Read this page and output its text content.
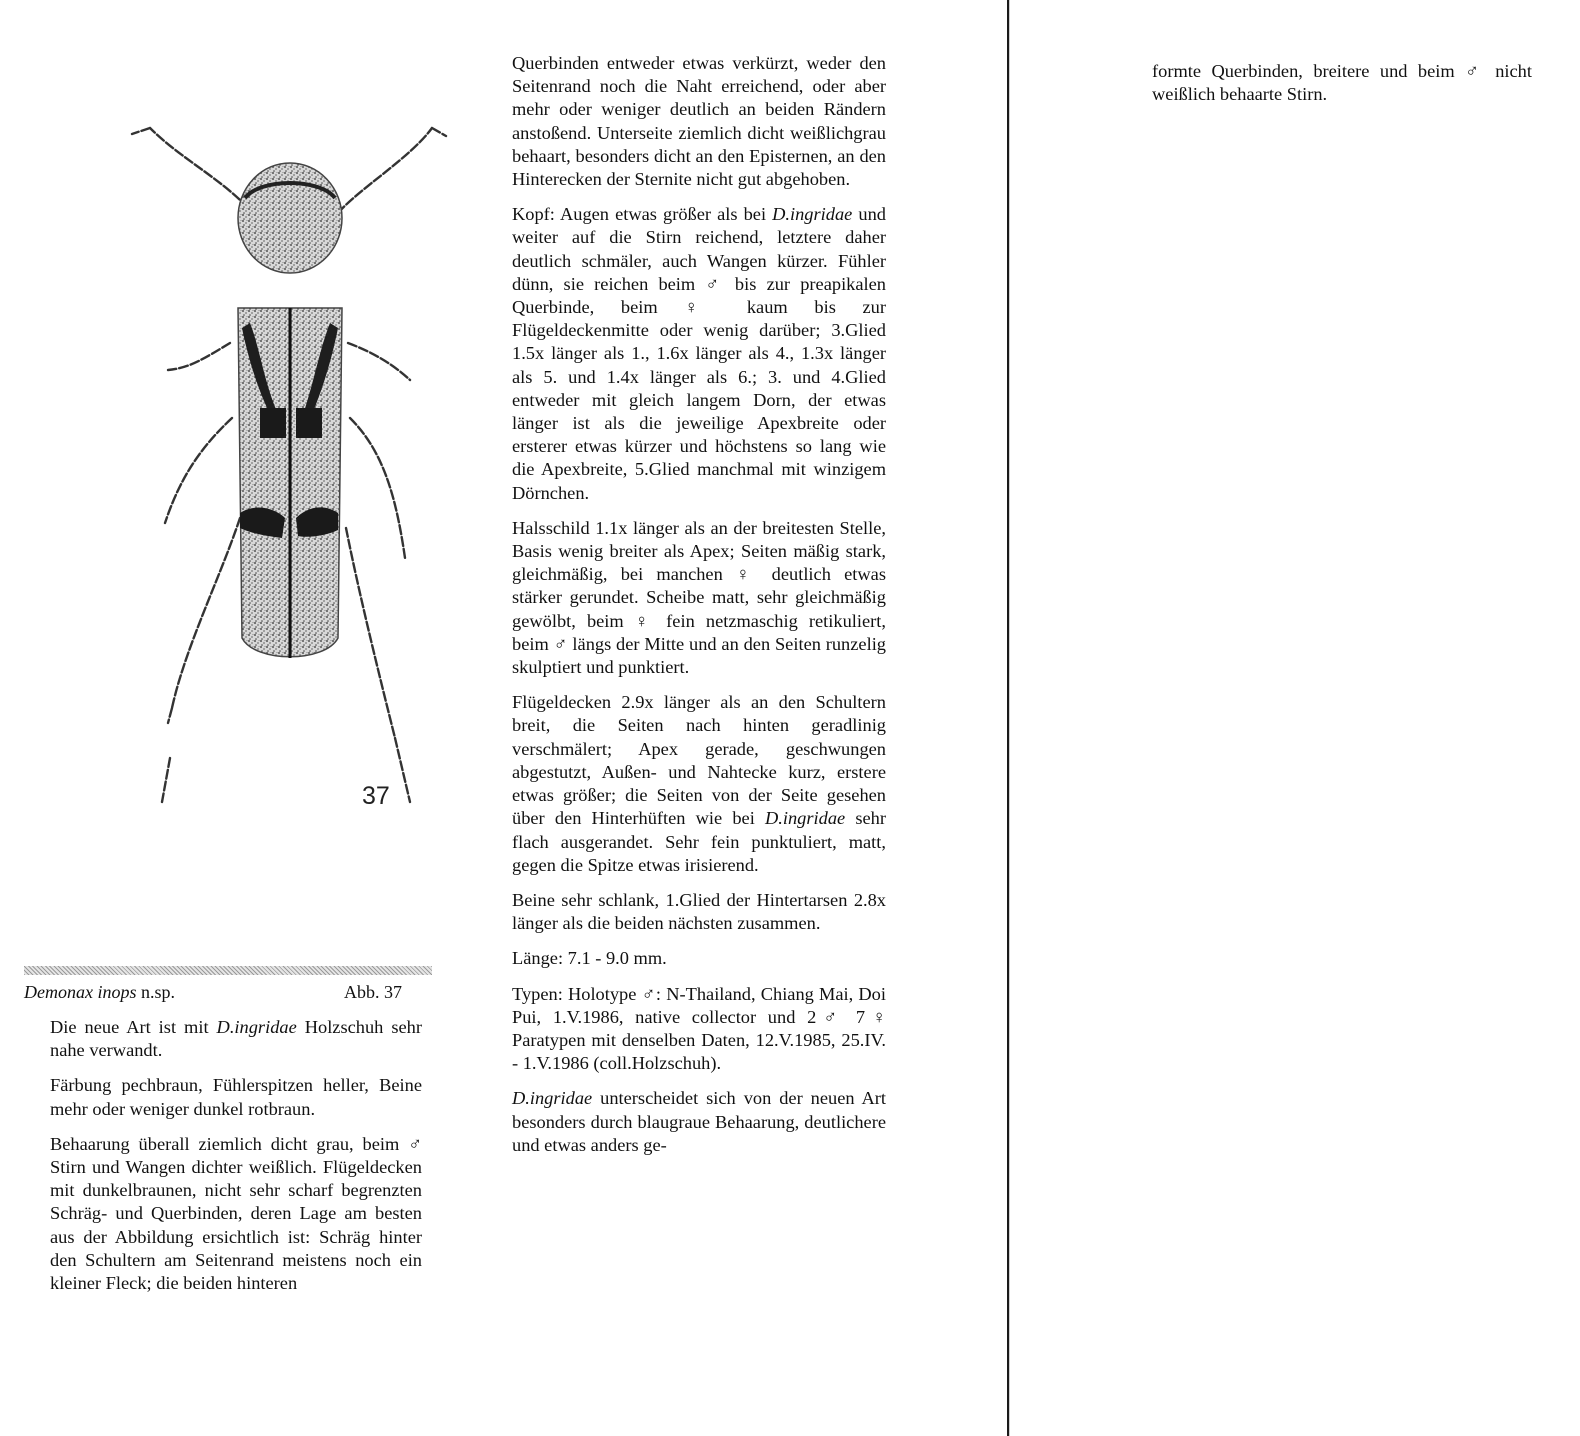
37
Demonax inops n.sp.	Abb. 37

Die neue Art ist mit D.ingridae Holzschuh sehr nahe verwandt.

Färbung pechbraun, Fühlerspitzen heller, Beine mehr oder weniger dunkel rotbraun.

Behaarung überall ziemlich dicht grau, beim ♂ Stirn und Wangen dichter weißlich. Flügeldecken mit dunkelbraunen, nicht sehr scharf begrenzten Schräg- und Querbinden, deren Lage am besten aus der Abbildung ersichtlich ist: Schräg hinter den Schultern am Seitenrand meistens noch ein kleiner Fleck; die beiden hinteren

Querbinden entweder etwas verkürzt, weder den Seitenrand noch die Naht erreichend, oder aber mehr oder weniger deutlich an beiden Rändern anstoßend. Unterseite ziemlich dicht weißlichgrau behaart, besonders dicht an den Episternen, an den Hinterecken der Sternite nicht gut abgehoben.

Kopf: Augen etwas größer als bei D.ingridae und weiter auf die Stirn reichend, letztere daher deutlich schmäler, auch Wangen kürzer. Fühler dünn, sie reichen beim ♂ bis zur preapikalen Querbinde, beim ♀ kaum bis zur Flügeldeckenmitte oder wenig darüber; 3.Glied 1.5x länger als 1., 1.6x länger als 4., 1.3x länger als 5. und 1.4x länger als 6.; 3. und 4.Glied entweder mit gleich langem Dorn, der etwas länger ist als die jeweilige Apexbreite oder ersterer etwas kürzer und höchstens so lang wie die Apexbreite, 5.Glied manchmal mit winzigem Dörnchen.

Halsschild 1.1x länger als an der breitesten Stelle, Basis wenig breiter als Apex; Seiten mäßig stark, gleichmäßig, bei manchen ♀ deutlich etwas stärker gerundet. Scheibe matt, sehr gleichmäßig gewölbt, beim ♀ fein netzmaschig retikuliert, beim ♂ längs der Mitte und an den Seiten runzelig skulptiert und punktiert.

Flügeldecken 2.9x länger als an den Schultern breit, die Seiten nach hinten geradlinig verschmälert; Apex gerade, geschwungen abgestutzt, Außen- und Nahtecke kurz, erstere etwas größer; die Seiten von der Seite gesehen über den Hinterhüften wie bei D.ingridae sehr flach ausgerandet. Sehr fein punktuliert, matt, gegen die Spitze etwas irisierend.

Beine sehr schlank, 1.Glied der Hintertarsen 2.8x länger als die beiden nächsten zusammen.

Länge: 7.1 - 9.0 mm.

Typen: Holotype ♂: N-Thailand, Chiang Mai, Doi Pui, 1.V.1986, native collector und 2♂ 7♀ Paratypen mit denselben Daten, 12.V.1985, 25.IV. - 1.V.1986 (coll.Holzschuh).

D.ingridae unterscheidet sich von der neuen Art besonders durch blaugraue Behaarung, deutlichere und etwas anders ge-

formte Querbinden, breitere und beim ♂ nicht weißlich behaarte Stirn.
